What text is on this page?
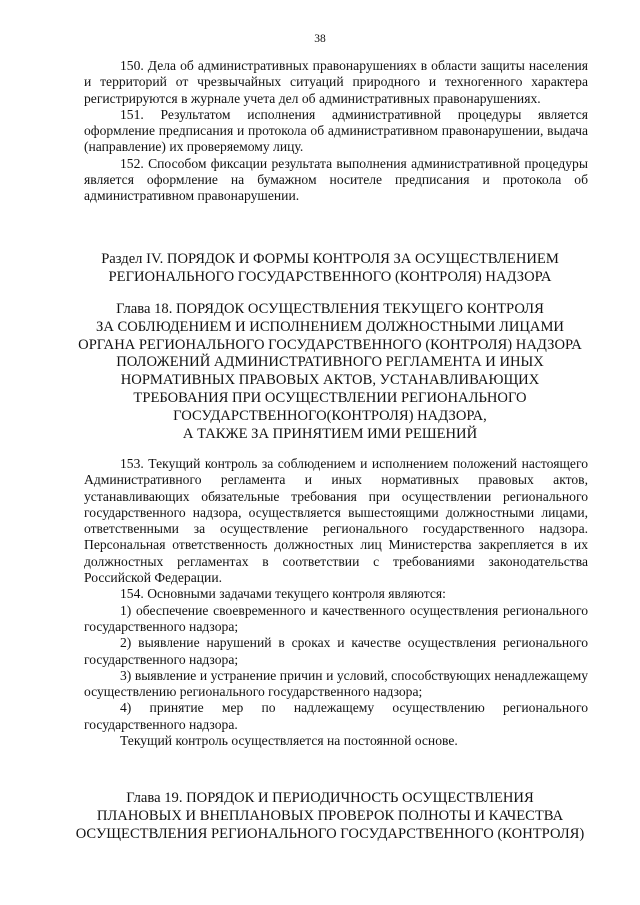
38

150. Дела об административных правонарушениях в области защиты населения и территорий от чрезвычайных ситуаций природного и техногенного характера регистрируются в журнале учета дел об административных правонарушениях.

151. Результатом исполнения административной процедуры является оформление предписания и протокола об административном правонарушении, выдача (направление) их проверяемому лицу.

152. Способом фиксации результата выполнения административной процедуры является оформление на бумажном носителе предписания и протокола об административном правонарушении.

Раздел IV. ПОРЯДОК И ФОРМЫ КОНТРОЛЯ ЗА ОСУЩЕСТВЛЕНИЕМ
РЕГИОНАЛЬНОГО ГОСУДАРСТВЕННОГО (КОНТРОЛЯ) НАДЗОРА
Глава 18. ПОРЯДОК ОСУЩЕСТВЛЕНИЯ ТЕКУЩЕГО КОНТРОЛЯ
ЗА СОБЛЮДЕНИЕМ И ИСПОЛНЕНИЕМ ДОЛЖНОСТНЫМИ ЛИЦАМИ
ОРГАНА РЕГИОНАЛЬНОГО ГОСУДАРСТВЕННОГО (КОНТРОЛЯ) НАДЗОРА
ПОЛОЖЕНИЙ АДМИНИСТРАТИВНОГО РЕГЛАМЕНТА И ИНЫХ
НОРМАТИВНЫХ ПРАВОВЫХ АКТОВ, УСТАНАВЛИВАЮЩИХ
ТРЕБОВАНИЯ ПРИ ОСУЩЕСТВЛЕНИИ РЕГИОНАЛЬНОГО
ГОСУДАРСТВЕННОГО(КОНТРОЛЯ) НАДЗОРА,
А ТАКЖЕ ЗА ПРИНЯТИЕМ ИМИ РЕШЕНИЙ

153. Текущий контроль за соблюдением и исполнением положений настоящего Административного регламента и иных нормативных правовых актов, устанавливающих обязательные требования при осуществлении регионального государственного надзора, осуществляется вышестоящими должностными лицами, ответственными за осуществление регионального государственного надзора. Персональная ответственность должностных лиц Министерства закрепляется в их должностных регламентах в соответствии с требованиями законодательства Российской Федерации.

154. Основными задачами текущего контроля являются:

1) обеспечение своевременного и качественного осуществления регионального государственного надзора;

2) выявление нарушений в сроках и качестве осуществления регионального государственного надзора;

3) выявление и устранение причин и условий, способствующих ненадлежащему осуществлению регионального государственного надзора;

4) принятие мер по надлежащему осуществлению регионального государственного надзора.

Текущий контроль осуществляется на постоянной основе.

Глава 19. ПОРЯДОК И ПЕРИОДИЧНОСТЬ ОСУЩЕСТВЛЕНИЯ
ПЛАНОВЫХ И ВНЕПЛАНОВЫХ ПРОВЕРОК ПОЛНОТЫ И КАЧЕСТВА
ОСУЩЕСТВЛЕНИЯ РЕГИОНАЛЬНОГО ГОСУДАРСТВЕННОГО (КОНТРОЛЯ)
